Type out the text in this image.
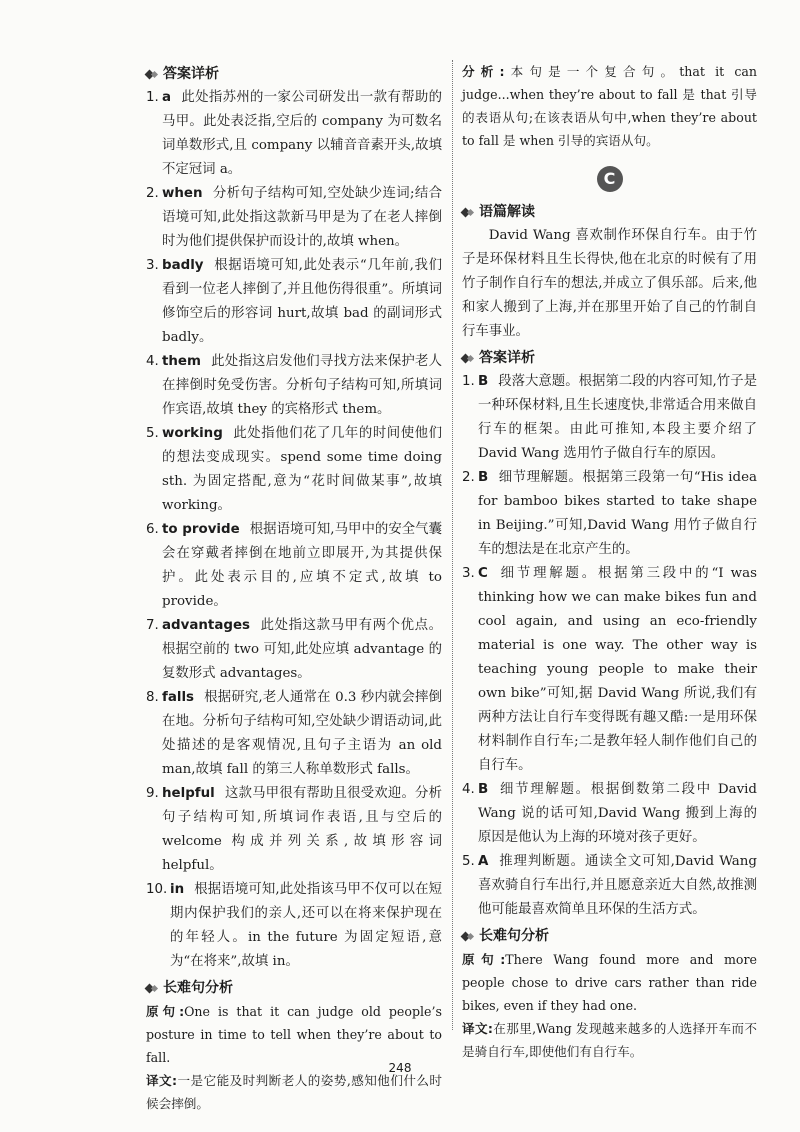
答案详析
1. a 此处指苏州的一家公司研发出一款有帮助的马甲。此处表泛指,空后的 company 为可数名词单数形式,且 company 以辅音音素开头,故填不定冠词 a。
2. when 分析句子结构可知,空处缺少连词;结合语境可知,此处指这款新马甲是为了在老人摔倒时为他们提供保护而设计的,故填 when。
3. badly 根据语境可知,此处表示“几年前,我们看到一位老人摔倒了,并且他伤得很重”。所填词修饰空后的形容词 hurt,故填 bad 的副词形式 badly。
4. them 此处指这启发他们寻找方法来保护老人在摔倒时免受伤害。分析句子结构可知,所填词作宾语,故填 they 的宾格形式 them。
5. working 此处指他们花了几年的时间使他们的想法变成现实。spend some time doing sth. 为固定搭配,意为“花时间做某事”,故填 working。
6. to provide 根据语境可知,马甲中的安全气囊会在穿戴者摔倒在地前立即展开,为其提供保护。此处表示目的,应填不定式,故填 to provide。
7. advantages 此处指这款马甲有两个优点。根据空前的 two 可知,此处应填 advantage 的复数形式 advantages。
8. falls 根据研究,老人通常在 0.3 秒内就会摔倒在地。分析句子结构可知,空处缺少谓语动词,此处描述的是客观情况,且句子主语为 an old man,故填 fall 的第三人称单数形式 falls。
9. helpful 这款马甲很有帮助且很受欢迎。分析句子结构可知,所填词作表语,且与空后的 welcome 构成并列关系,故填形容词 helpful。
10. in 根据语境可知,此处指该马甲不仅可以在短期内保护我们的亲人,还可以在将来保护现在的年轻人。in the future 为固定短语,意为“在将来”,故填 in。
长难句分析
原句:One is that it can judge old people’s posture in time to tell when they’re about to fall.
译文:一是它能及时判断老人的姿势,感知他们什么时候会摔倒。
分析:本句是一个复合句。that it can judge...when they’re about to fall 是 that 引导的表语从句;在该表语从句中,when they’re about to fall 是 when 引导的宾语从句。
C
语篇解读
David Wang 喜欢制作环保自行车。由于竹子是环保材料且生长得快,他在北京的时候有了用竹子制作自行车的想法,并成立了俱乐部。后来,他和家人搬到了上海,并在那里开始了自己的竹制自行车事业。
答案详析
1. B 段落大意题。根据第二段的内容可知,竹子是一种环保材料,且生长速度快,非常适合用来做自行车的框架。由此可推知,本段主要介绍了 David Wang 选用竹子做自行车的原因。
2. B 细节理解题。根据第三段第一句“His idea for bamboo bikes started to take shape in Beijing.”可知,David Wang 用竹子做自行车的想法是在北京产生的。
3. C 细节理解题。根据第三段中的“I was thinking how we can make bikes fun and cool again, and using an eco-friendly material is one way. The other way is teaching young people to make their own bike”可知,据 David Wang 所说,我们有两种方法让自行车变得既有趣又酷:一是用环保材料制作自行车;二是教年轻人制作他们自己的自行车。
4. B 细节理解题。根据倒数第二段中 David Wang 说的话可知,David Wang 搬到上海的原因是他认为上海的环境对孩子更好。
5. A 推理判断题。通读全文可知,David Wang 喜欢骑自行车出行,并且愿意亲近大自然,故推测他可能最喜欢简单且环保的生活方式。
长难句分析
原句:There Wang found more and more people chose to drive cars rather than ride bikes, even if they had one.
译文:在那里,Wang 发现越来越多的人选择开车而不是骑自行车,即使他们有自行车。
248
